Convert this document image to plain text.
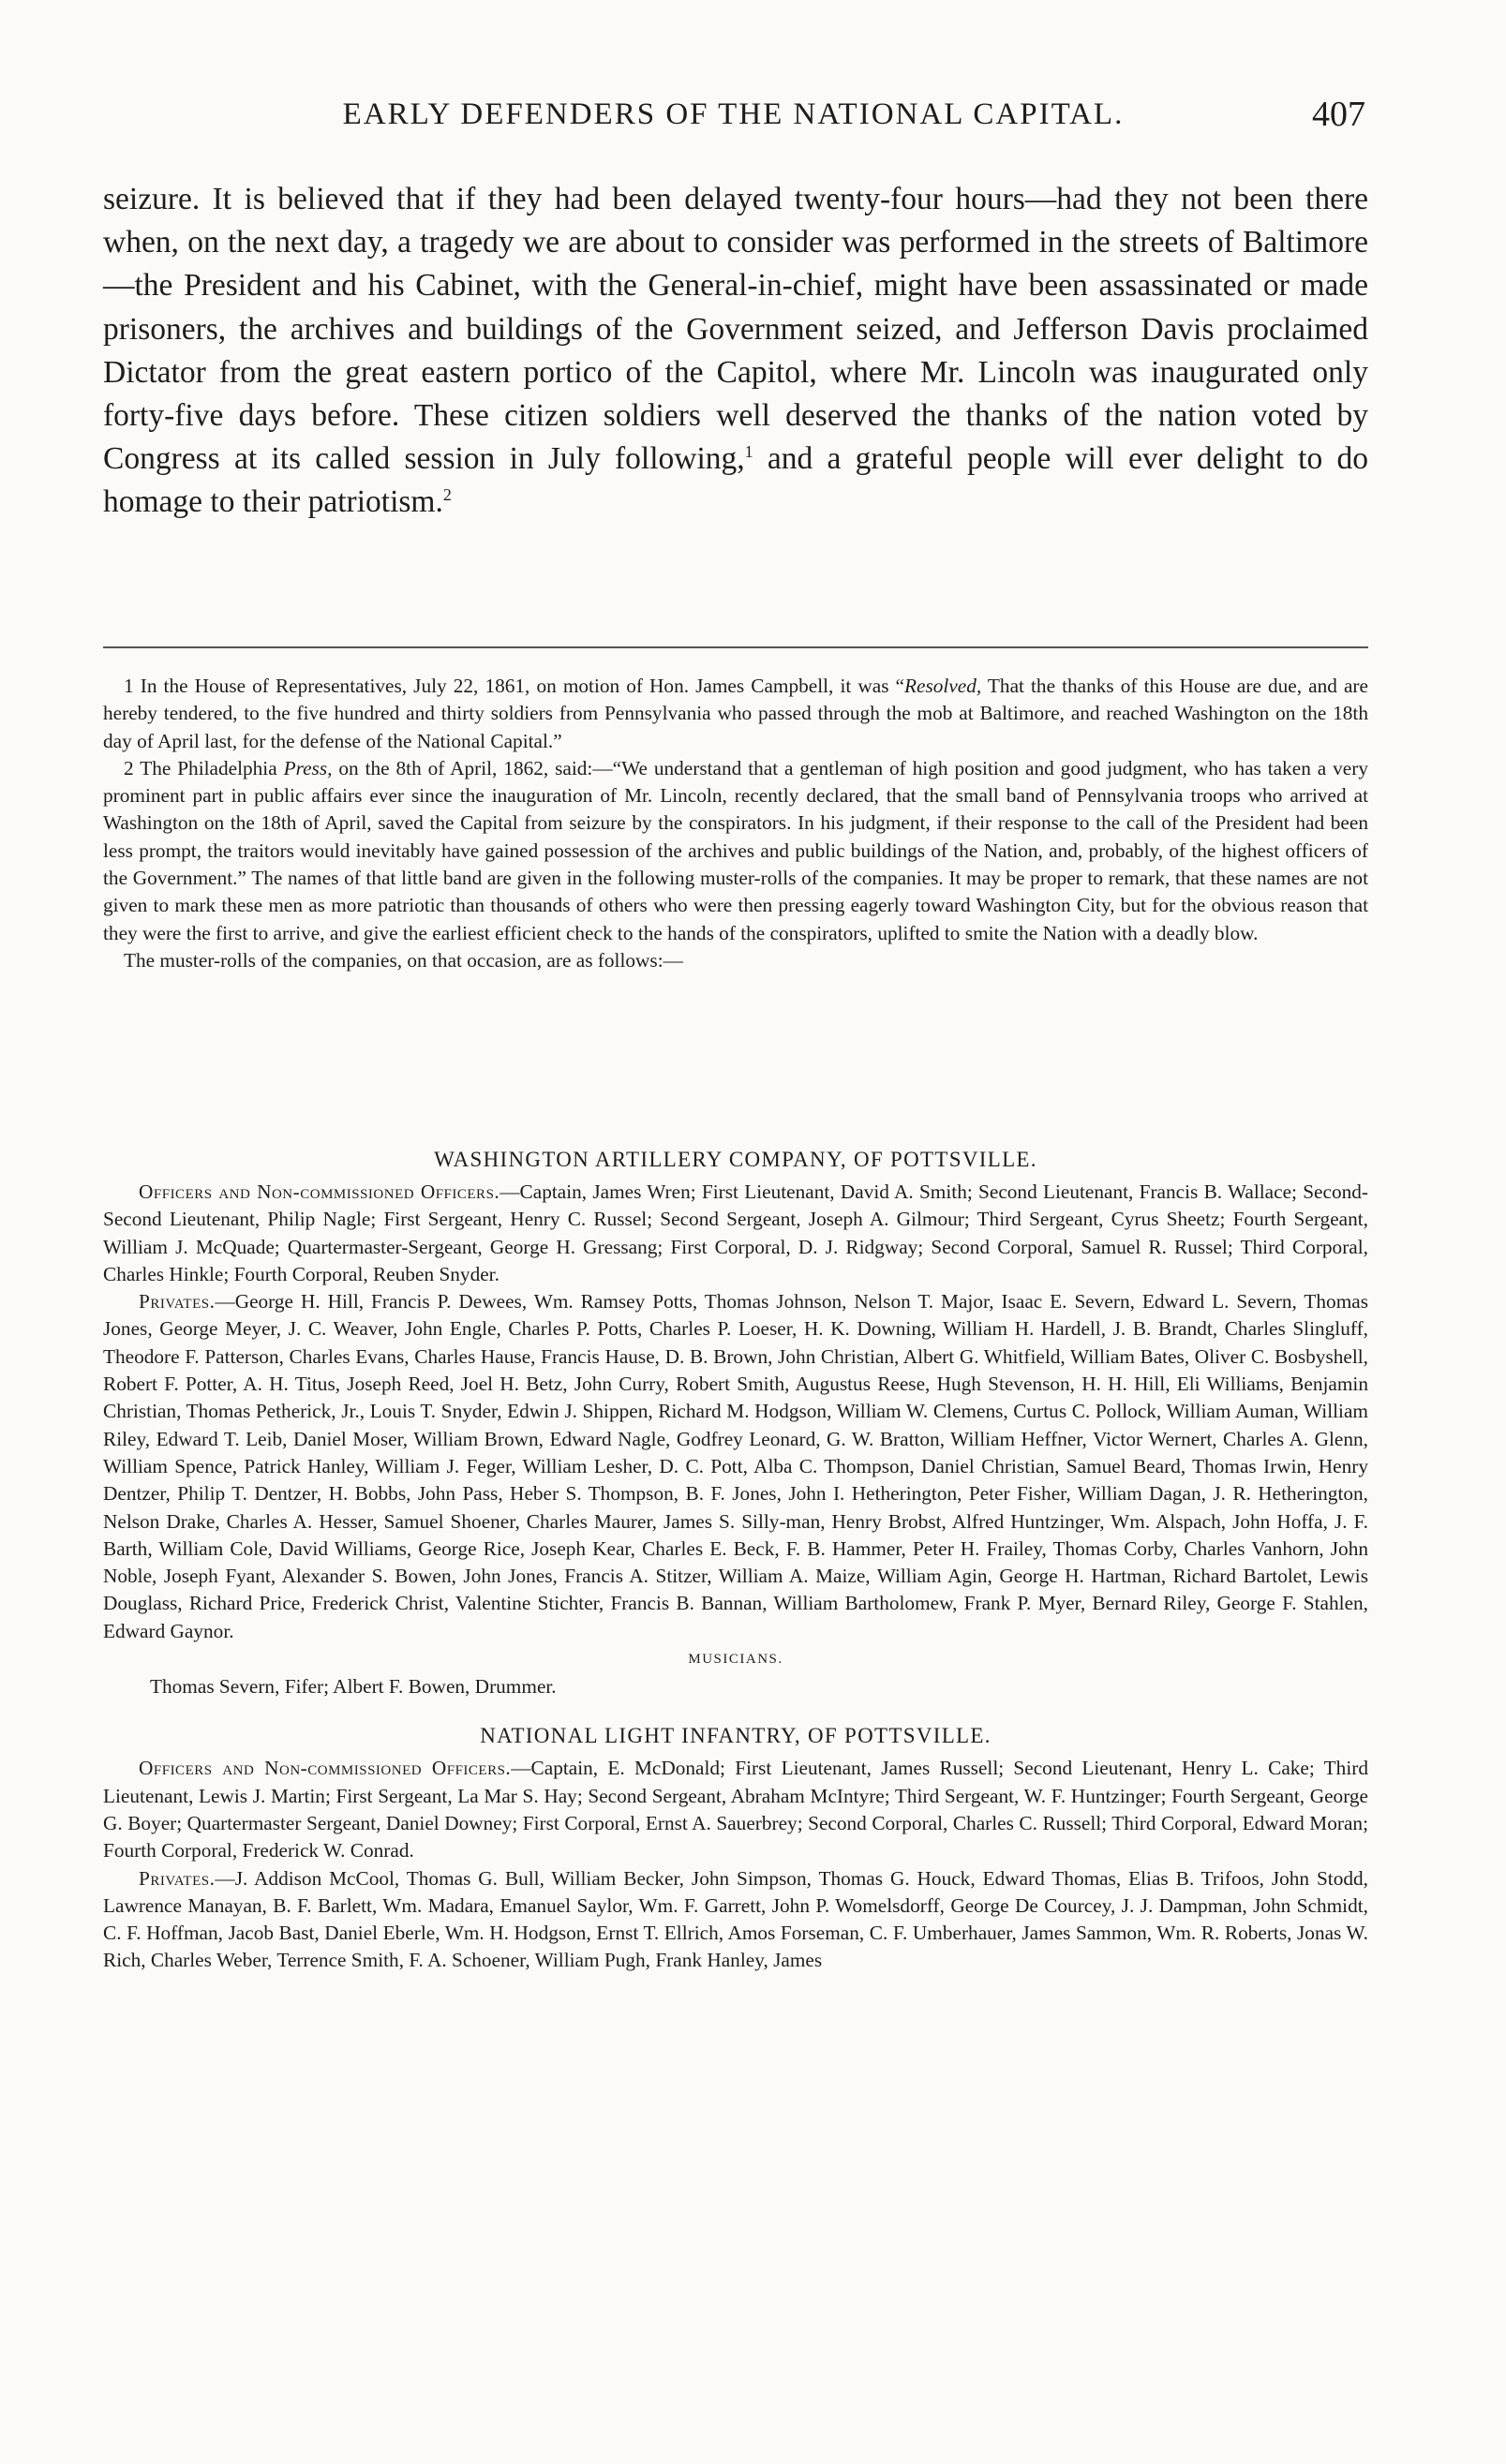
EARLY DEFENDERS OF THE NATIONAL CAPITAL.	407

seizure. It is believed that if they had been delayed twenty-four hours—had they not been there when, on the next day, a tragedy we are about to consider was performed in the streets of Baltimore—the President and his Cabinet, with the General-in-chief, might have been assassinated or made prisoners, the archives and buildings of the Government seized, and Jefferson Davis proclaimed Dictator from the great eastern portico of the Capitol, where Mr. Lincoln was inaugurated only forty-five days before. These citizen soldiers well deserved the thanks of the nation voted by Congress at its called session in July following,$^1$ and a grateful people will ever delight to do homage to their patriotism.$^2$

1 In the House of Representatives, July 22, 1861, on motion of Hon. James Campbell, it was “Resolved, That the thanks of this House are due, and are hereby tendered, to the five hundred and thirty soldiers from Pennsylvania who passed through the mob at Baltimore, and reached Washington on the 18th day of April last, for the defense of the National Capital.”

2 The Philadelphia Press, on the 8th of April, 1862, said:—“We understand that a gentleman of high position and good judgment, who has taken a very prominent part in public affairs ever since the inauguration of Mr. Lincoln, recently declared, that the small band of Pennsylvania troops who arrived at Washington on the 18th of April, saved the Capital from seizure by the conspirators. In his judgment, if their response to the call of the President had been less prompt, the traitors would inevitably have gained possession of the archives and public buildings of the Nation, and, probably, of the highest officers of the Government.” The names of that little band are given in the following muster-rolls of the companies. It may be proper to remark, that these names are not given to mark these men as more patriotic than thousands of others who were then pressing eagerly toward Washington City, but for the obvious reason that they were the first to arrive, and give the earliest efficient check to the hands of the conspirators, uplifted to smite the Nation with a deadly blow.

The muster-rolls of the companies, on that occasion, are as follows:—

WASHINGTON ARTILLERY COMPANY, OF POTTSVILLE.

Officers and Non-commissioned Officers.—Captain, James Wren; First Lieutenant, David A. Smith; Second Lieutenant, Francis B. Wallace; Second-Second Lieutenant, Philip Nagle; First Sergeant, Henry C. Russel; Second Sergeant, Joseph A. Gilmour; Third Sergeant, Cyrus Sheetz; Fourth Sergeant, William J. McQuade; Quartermaster-Sergeant, George H. Gressang; First Corporal, D. J. Ridgway; Second Corporal, Samuel R. Russel; Third Corporal, Charles Hinkle; Fourth Corporal, Reuben Snyder.

Privates.—George H. Hill, Francis P. Dewees, Wm. Ramsey Potts, Thomas Johnson, Nelson T. Major, Isaac E. Severn, Edward L. Severn, Thomas Jones, George Meyer, J. C. Weaver, John Engle, Charles P. Potts, Charles P. Loeser, H. K. Downing, William H. Hardell, J. B. Brandt, Charles Slingluff, Theodore F. Patterson, Charles Evans, Charles Hause, Francis Hause, D. B. Brown, John Christian, Albert G. Whitfield, William Bates, Oliver C. Bosbyshell, Robert F. Potter, A. H. Titus, Joseph Reed, Joel H. Betz, John Curry, Robert Smith, Augustus Reese, Hugh Stevenson, H. H. Hill, Eli Williams, Benjamin Christian, Thomas Petherick, Jr., Louis T. Snyder, Edwin J. Shippen, Richard M. Hodgson, William W. Clemens, Curtus C. Pollock, William Auman, William Riley, Edward T. Leib, Daniel Moser, William Brown, Edward Nagle, Godfrey Leonard, G. W. Bratton, William Heffner, Victor Wernert, Charles A. Glenn, William Spence, Patrick Hanley, William J. Feger, William Lesher, D. C. Pott, Alba C. Thompson, Daniel Christian, Samuel Beard, Thomas Irwin, Henry Dentzer, Philip T. Dentzer, H. Bobbs, John Pass, Heber S. Thompson, B. F. Jones, John I. Hetherington, Peter Fisher, William Dagan, J. R. Hetherington, Nelson Drake, Charles A. Hesser, Samuel Shoener, Charles Maurer, James S. Silly-man, Henry Brobst, Alfred Huntzinger, Wm. Alspach, John Hoffa, J. F. Barth, William Cole, David Williams, George Rice, Joseph Kear, Charles E. Beck, F. B. Hammer, Peter H. Frailey, Thomas Corby, Charles Vanhorn, John Noble, Joseph Fyant, Alexander S. Bowen, John Jones, Francis A. Stitzer, William A. Maize, William Agin, George H. Hartman, Richard Bartolet, Lewis Douglass, Richard Price, Frederick Christ, Valentine Stichter, Francis B. Bannan, William Bartholomew, Frank P. Myer, Bernard Riley, George F. Stahlen, Edward Gaynor.

MUSICIANS.

Thomas Severn, Fifer; Albert F. Bowen, Drummer.

NATIONAL LIGHT INFANTRY, OF POTTSVILLE.

Officers and Non-commissioned Officers.—Captain, E. McDonald; First Lieutenant, James Russell; Second Lieutenant, Henry L. Cake; Third Lieutenant, Lewis J. Martin; First Sergeant, La Mar S. Hay; Second Sergeant, Abraham McIntyre; Third Sergeant, W. F. Huntzinger; Fourth Sergeant, George G. Boyer; Quartermaster Sergeant, Daniel Downey; First Corporal, Ernst A. Sauerbrey; Second Corporal, Charles C. Russell; Third Corporal, Edward Moran; Fourth Corporal, Frederick W. Conrad.

Privates.—J. Addison McCool, Thomas G. Bull, William Becker, John Simpson, Thomas G. Houck, Edward Thomas, Elias B. Trifoos, John Stodd, Lawrence Manayan, B. F. Barlett, Wm. Madara, Emanuel Saylor, Wm. F. Garrett, John P. Womelsdorff, George De Courcey, J. J. Dampman, John Schmidt, C. F. Hoffman, Jacob Bast, Daniel Eberle, Wm. H. Hodgson, Ernst T. Ellrich, Amos Forseman, C. F. Umberhauer, James Sammon, Wm. R. Roberts, Jonas W. Rich, Charles Weber, Terrence Smith, F. A. Schoener, William Pugh, Frank Hanley, James
